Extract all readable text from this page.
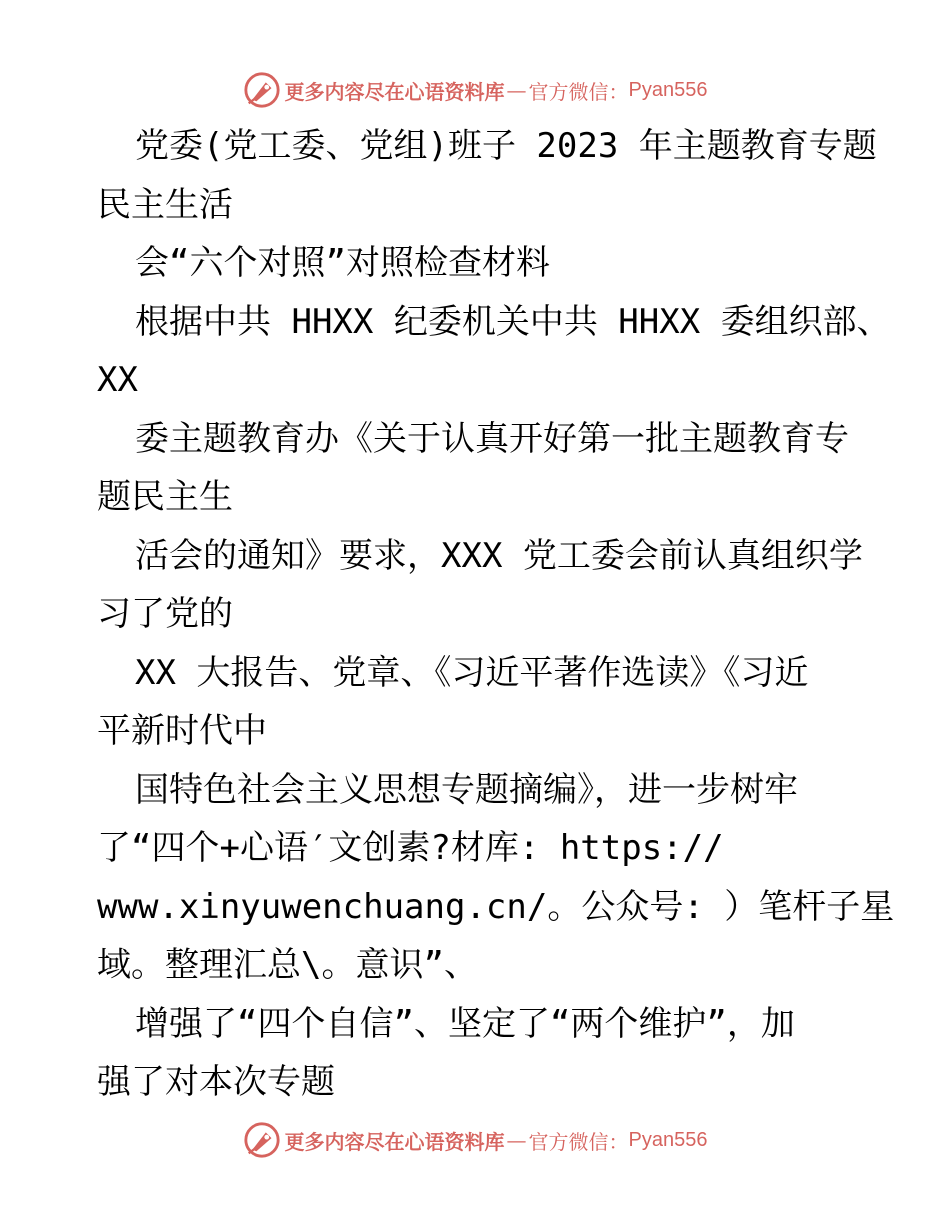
更多内容尽在心语资料库 — 官方微信： Pyan556
党委(党工委、党组)班子 2023 年主题教育专题
民主生活
会“六个对照”对照检查材料
根据中共 HHXX 纪委机关中共 HHXX 委组织部、
XX
委主题教育办《关于认真开好第一批主题教育专
题民主生
活会的通知》要求，XXX 党工委会前认真组织学
习了党的
XX 大报告、党章、《习近平著作选读》《习近
平新时代中
国特色社会主义思想专题摘编》，进一步树牢
了“四个+心语′文创素?材库: https://
www.xinyuwenchuang.cn/。公众号: ）笔杆子星
域。整理汇总\。意识”、
增强了“四个自信”、坚定了“两个维护”，加
强了对本次专题
更多内容尽在心语资料库 — 官方微信： Pyan556
